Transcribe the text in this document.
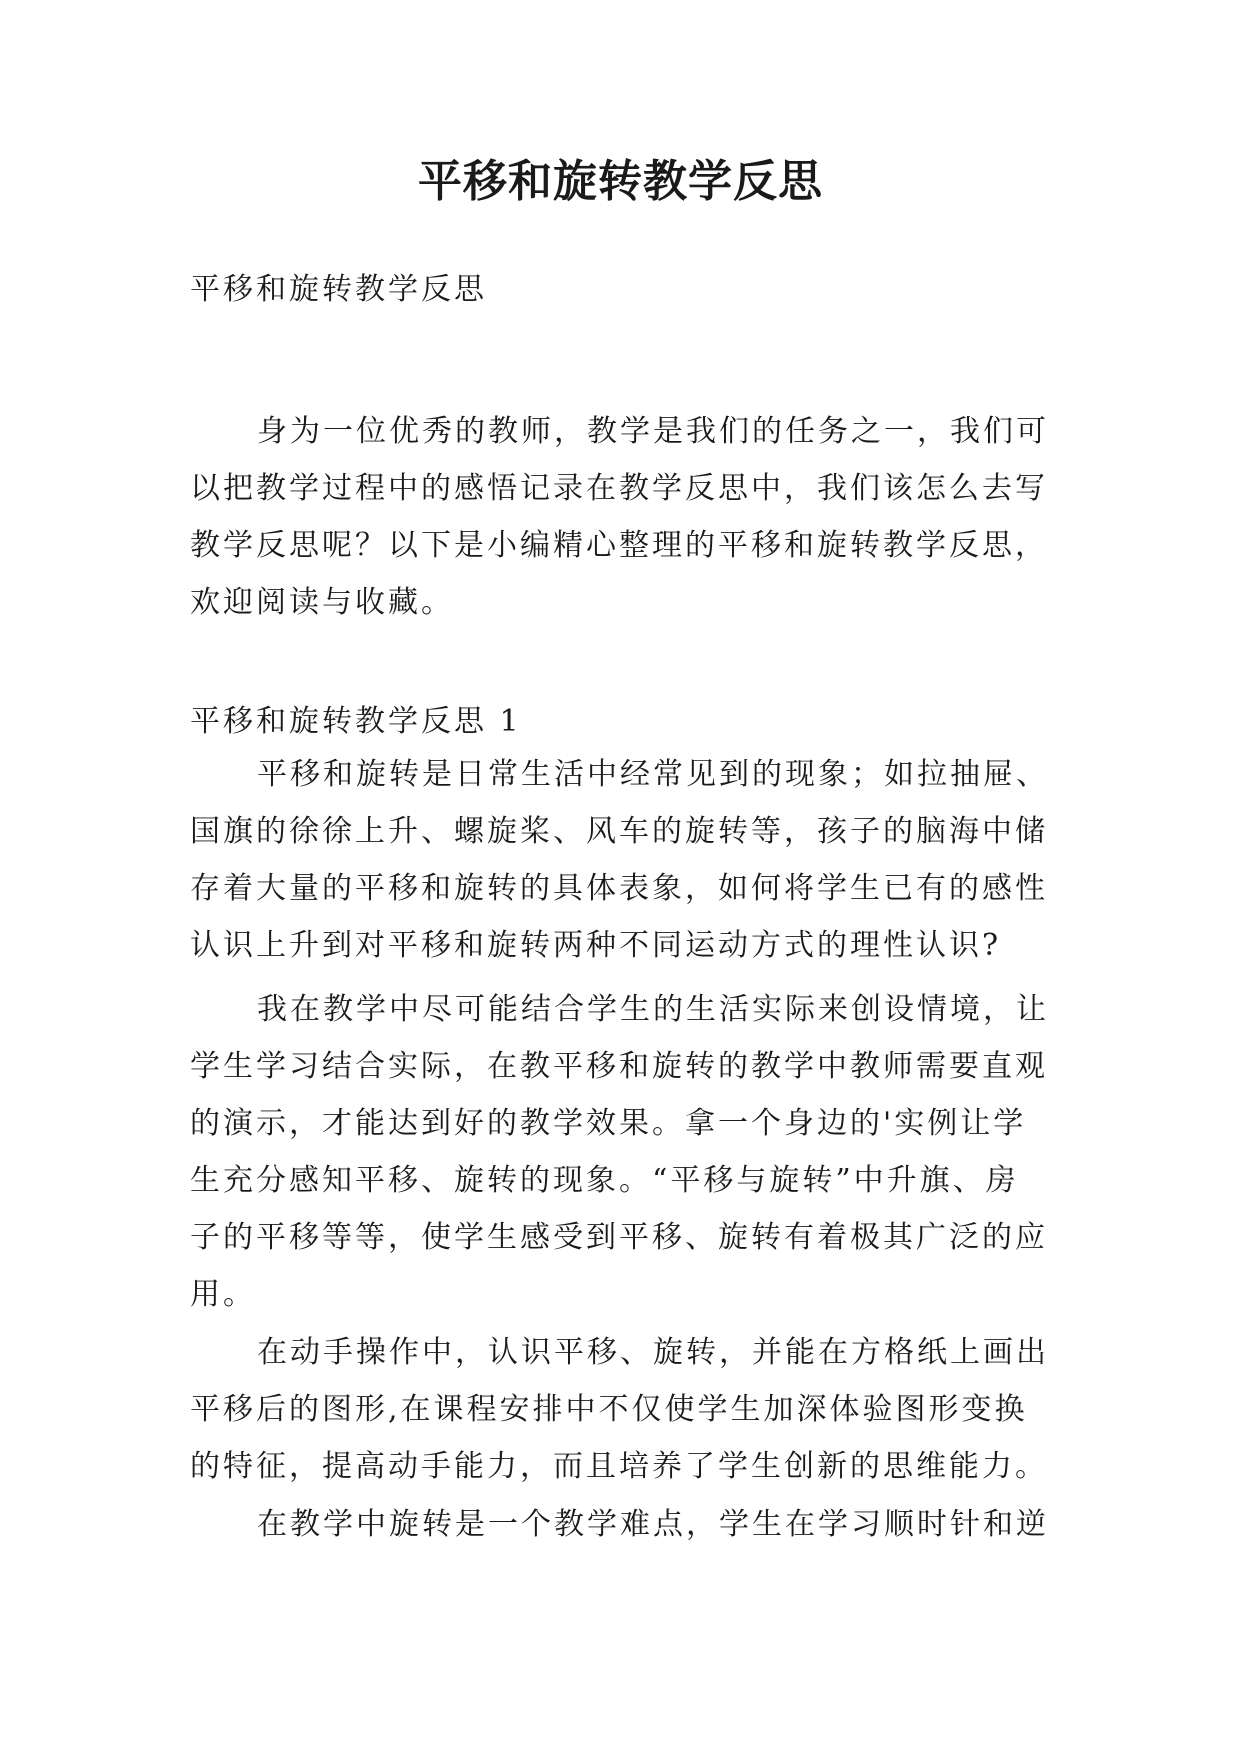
平移和旋转教学反思

平移和旋转教学反思

身为一位优秀的教师，教学是我们的任务之一，我们可
以把教学过程中的感悟记录在教学反思中，我们该怎么去写
教学反思呢？以下是小编精心整理的平移和旋转教学反思，
欢迎阅读与收藏。

平移和旋转教学反思 1

平移和旋转是日常生活中经常见到的现象；如拉抽屉、
国旗的徐徐上升、螺旋桨、风车的旋转等，孩子的脑海中储
存着大量的平移和旋转的具体表象，如何将学生已有的感性
认识上升到对平移和旋转两种不同运动方式的理性认识?
我在教学中尽可能结合学生的生活实际来创设情境，让
学生学习结合实际，在教平移和旋转的教学中教师需要直观
的演示，才能达到好的教学效果。拿一个身边的'实例让学
生充分感知平移、旋转的现象。“平移与旋转”中升旗、房
子的平移等等，使学生感受到平移、旋转有着极其广泛的应
用。
在动手操作中，认识平移、旋转，并能在方格纸上画出
平移后的图形,在课程安排中不仅使学生加深体验图形变换
的特征，提高动手能力，而且培养了学生创新的思维能力。
在教学中旋转是一个教学难点，学生在学习顺时针和逆
